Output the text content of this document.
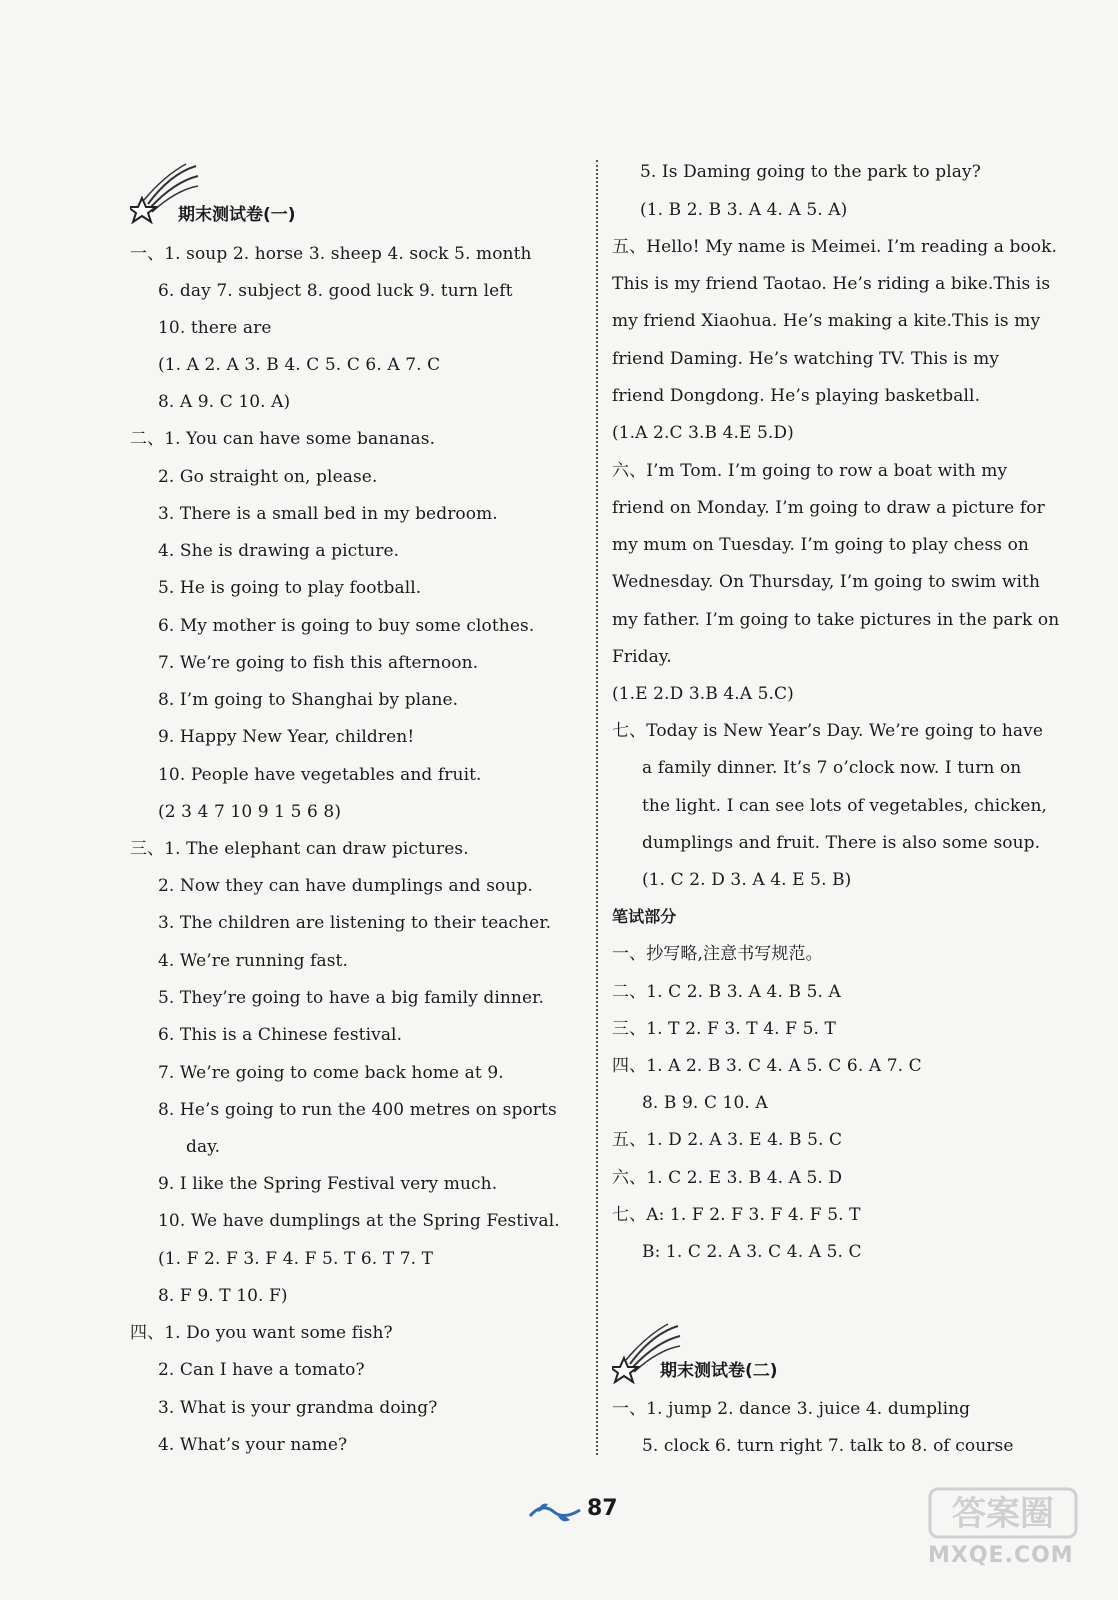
期末测试卷(一)
一、1. soup 2. horse 3. sheep 4. sock 5. month
6. day 7. subject 8. good luck 9. turn left
10. there are
(1. A 2. A 3. B 4. C 5. C 6. A 7. C
8. A 9. C 10. A)
二、1. You can have some bananas.
2. Go straight on, please.
3. There is a small bed in my bedroom.
4. She is drawing a picture.
5. He is going to play football.
6. My mother is going to buy some clothes.
7. We’re going to fish this afternoon.
8. I’m going to Shanghai by plane.
9. Happy New Year, children!
10. People have vegetables and fruit.
(2 3 4 7 10 9 1 5 6 8)
三、1. The elephant can draw pictures.
2. Now they can have dumplings and soup.
3. The children are listening to their teacher.
4. We’re running fast.
5. They’re going to have a big family dinner.
6. This is a Chinese festival.
7. We’re going to come back home at 9.
8. He’s going to run the 400 metres on sports
day.
9. I like the Spring Festival very much.
10. We have dumplings at the Spring Festival.
(1. F 2. F 3. F 4. F 5. T 6. T 7. T
8. F 9. T 10. F)
四、1. Do you want some fish?
2. Can I have a tomato?
3. What is your grandma doing?
4. What’s your name?
5. Is Daming going to the park to play?
(1. B 2. B 3. A 4. A 5. A)
五、Hello! My name is Meimei. I’m reading a book.
This is my friend Taotao. He’s riding a bike.This is
my friend Xiaohua. He’s making a kite.This is my
friend Daming. He’s watching TV. This is my
friend Dongdong. He’s playing basketball.
(1.A 2.C 3.B 4.E 5.D)
六、I’m Tom. I’m going to row a boat with my
friend on Monday. I’m going to draw a picture for
my mum on Tuesday. I’m going to play chess on
Wednesday. On Thursday, I’m going to swim with
my father. I’m going to take pictures in the park on
Friday.
(1.E 2.D 3.B 4.A 5.C)
七、Today is New Year’s Day. We’re going to have
a family dinner. It’s 7 o’clock now. I turn on
the light. I can see lots of vegetables, chicken,
dumplings and fruit. There is also some soup.
(1. C 2. D 3. A 4. E 5. B)
笔试部分
一、抄写略,注意书写规范。
二、1. C 2. B 3. A 4. B 5. A
三、1. T 2. F 3. T 4. F 5. T
四、1. A 2. B 3. C 4. A 5. C 6. A 7. C
8. B 9. C 10. A
五、1. D 2. A 3. E 4. B 5. C
六、1. C 2. E 3. B 4. A 5. D
七、A: 1. F 2. F 3. F 4. F 5. T
B: 1. C 2. A 3. C 4. A 5. C
期末测试卷(二)
一、1. jump 2. dance 3. juice 4. dumpling
5. clock 6. turn right 7. talk to 8. of course
87	答案圈
MXQE.COM
